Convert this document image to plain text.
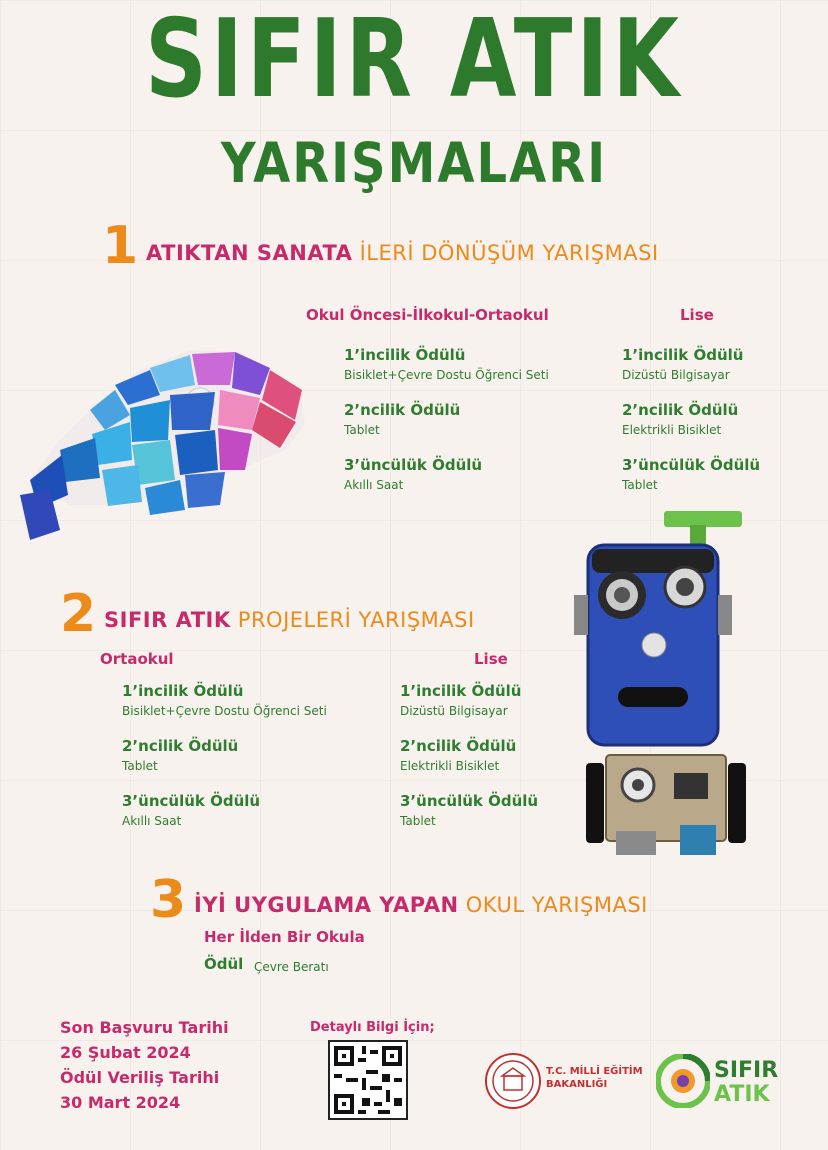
SIFIR ATIK
YARIŞMALARI
1 ATIKTAN SANATA İLERİ DÖNÜŞÜM YARIŞMASI
Okul Öncesi-İlkokul-Ortaokul	Lise
1’incilik Ödülü
Bisiklet+Çevre Dostu Öğrenci Seti
2’ncilik Ödülü
Tablet
3’üncülük Ödülü
Akıllı Saat
1’incilik Ödülü
Dizüstü Bilgisayar
2’ncilik Ödülü
Elektrikli Bisiklet
3’üncülük Ödülü
Tablet
2 SIFIR ATIK PROJELERİ YARIŞMASI
Ortaokul	Lise
1’incilik Ödülü
Bisiklet+Çevre Dostu Öğrenci Seti
2’ncilik Ödülü
Tablet
3’üncülük Ödülü
Akıllı Saat
1’incilik Ödülü
Dizüstü Bilgisayar
2’ncilik Ödülü
Elektrikli Bisiklet
3’üncülük Ödülü
Tablet
3 İYİ UYGULAMA YAPAN OKUL YARIŞMASI
Her İlden Bir Okula
Ödül Çevre Beratı
Son Başvuru Tarihi
26 Şubat 2024
Ödül Veriliş Tarihi
30 Mart 2024
Detaylı Bilgi İçin;
T.C. MİLLİ EĞİTİM
BAKANLIĞI
SIFIR
ATIK
